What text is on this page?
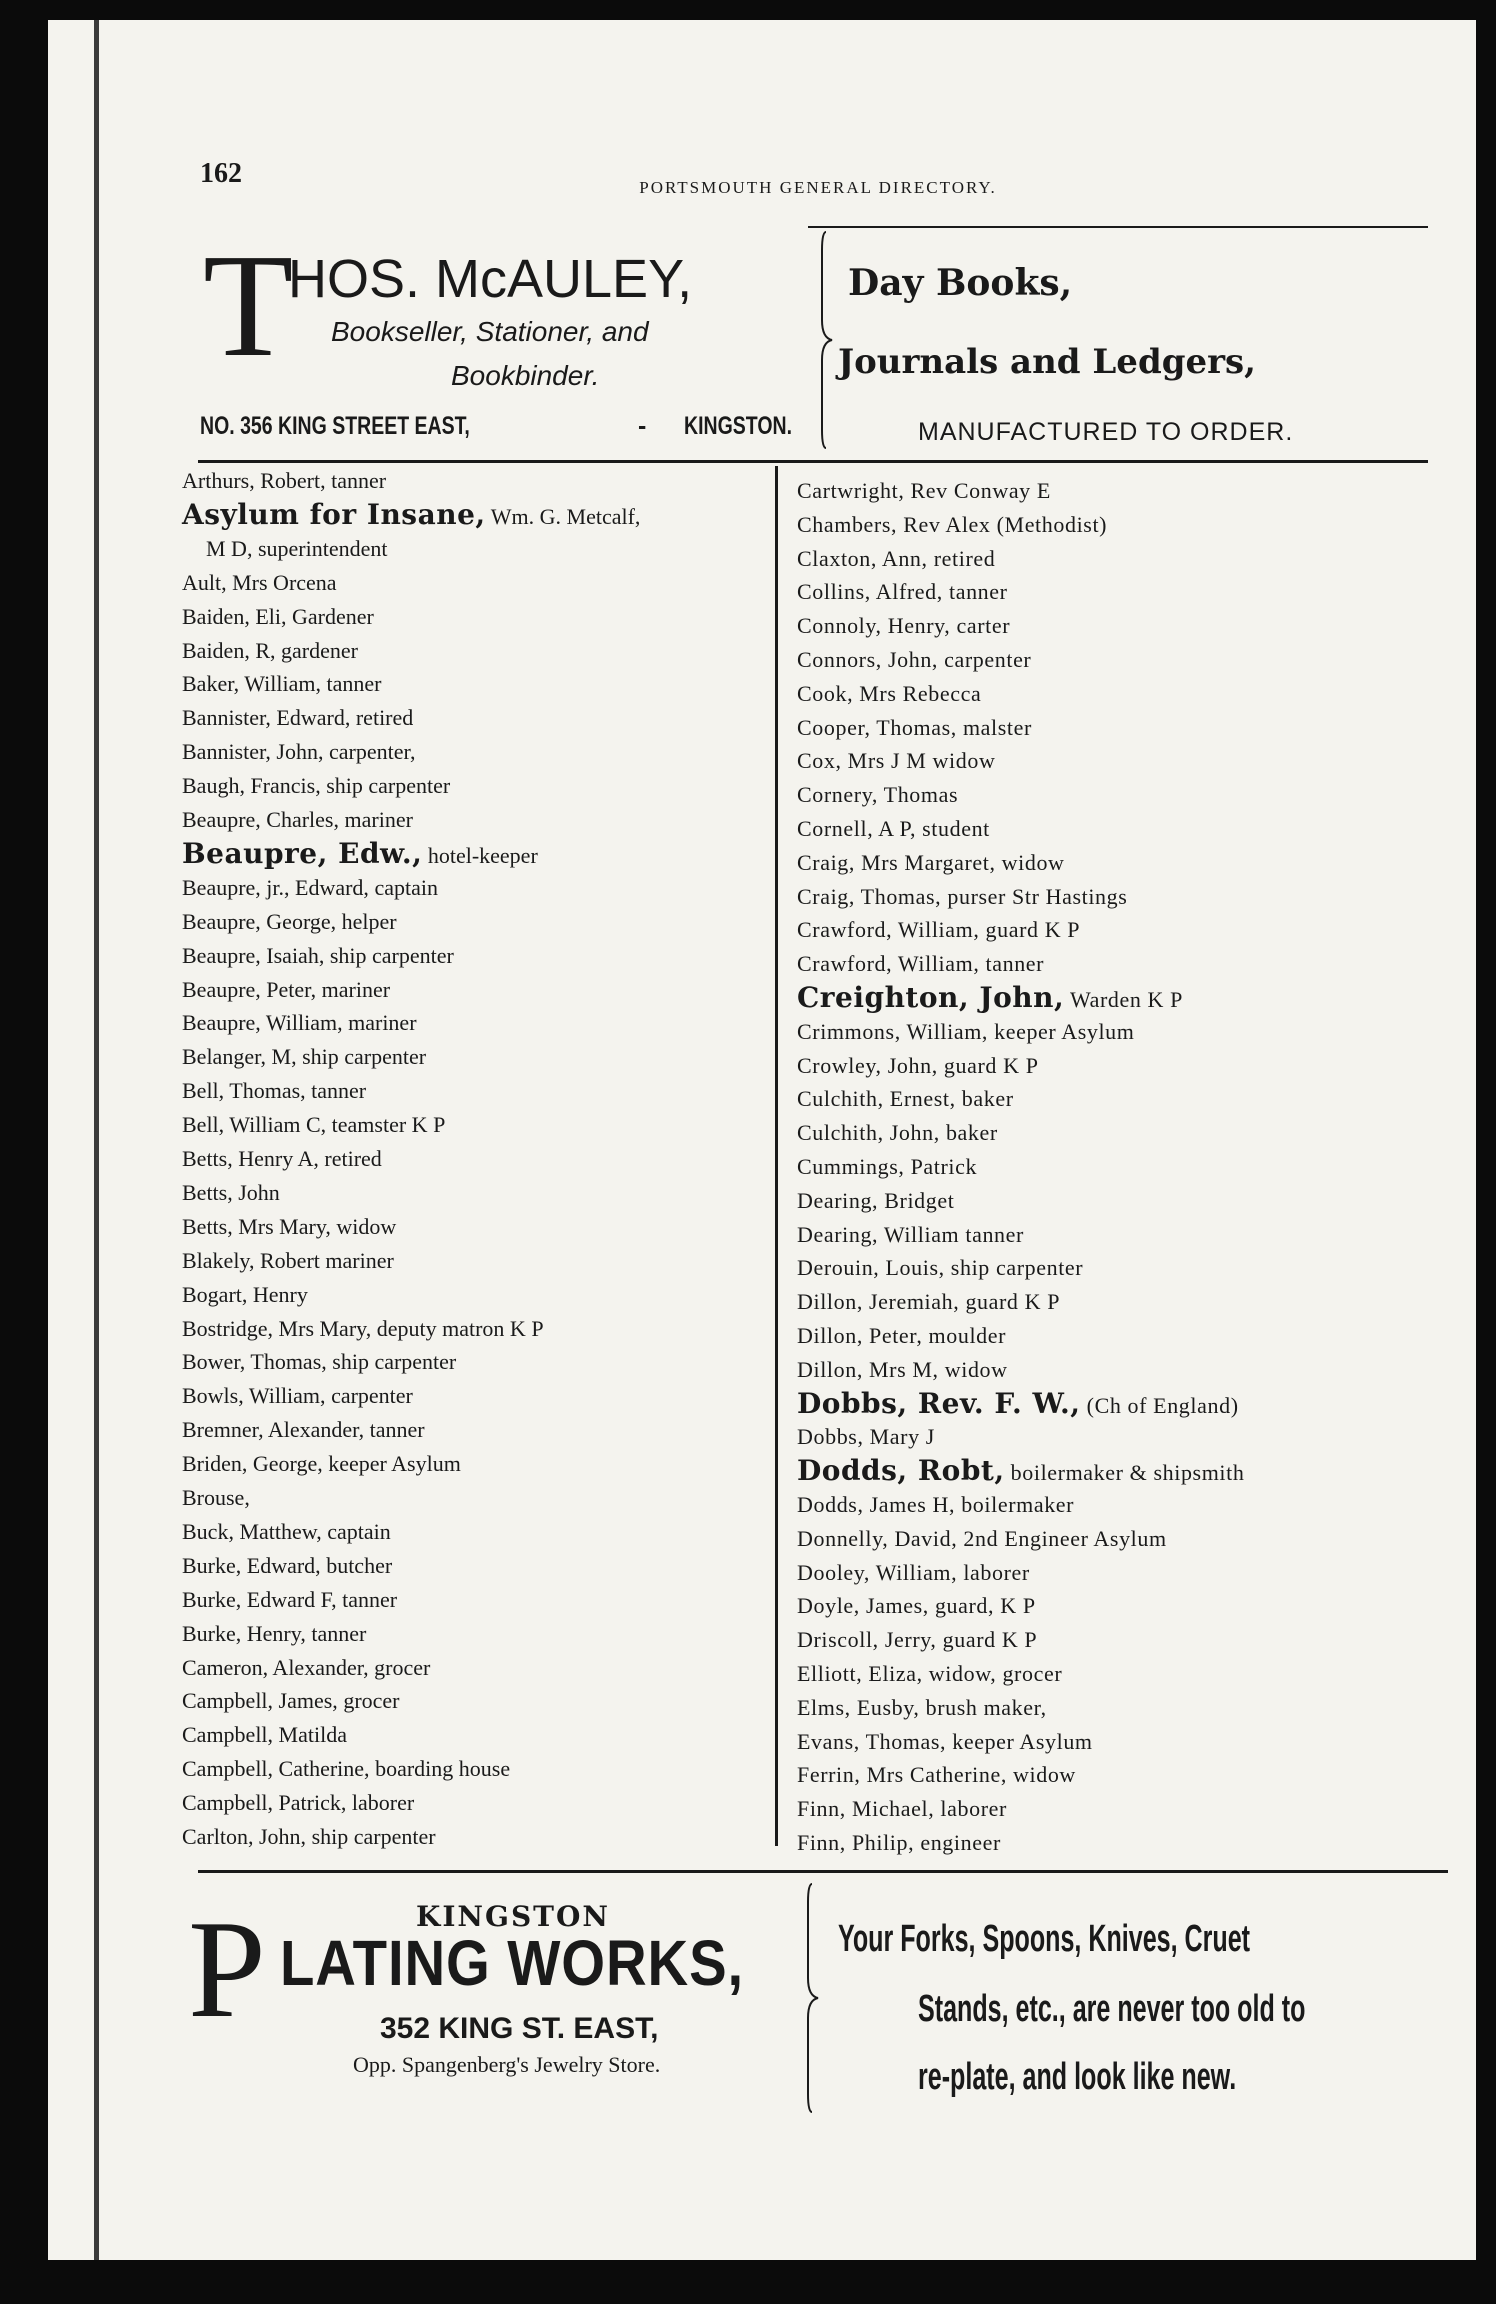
162	PORTSMOUTH GENERAL DIRECTORY.
T
HOS. McAULEY,
Bookseller, Stationer, and
Bookbinder.
NO. 356 KING STREET EAST,	- KINGSTON.
Day Books,
Journals and Ledgers,
MANUFACTURED TO ORDER.
Arthurs, Robert, tanner
Asylum for Insane, Wm. G. Metcalf,
M D, superintendent
Ault, Mrs Orcena
Baiden, Eli, Gardener
Baiden, R, gardener
Baker, William, tanner
Bannister, Edward, retired
Bannister, John, carpenter,
Baugh, Francis, ship carpenter
Beaupre, Charles, mariner
Beaupre, Edw., hotel-keeper
Beaupre, jr., Edward, captain
Beaupre, George, helper
Beaupre, Isaiah, ship carpenter
Beaupre, Peter, mariner
Beaupre, William, mariner
Belanger, M, ship carpenter
Bell, Thomas, tanner
Bell, William C, teamster K P
Betts, Henry A, retired
Betts, John
Betts, Mrs Mary, widow
Blakely, Robert mariner
Bogart, Henry
Bostridge, Mrs Mary, deputy matron K P
Bower, Thomas, ship carpenter
Bowls, William, carpenter
Bremner, Alexander, tanner
Briden, George, keeper Asylum
Brouse,
Buck, Matthew, captain
Burke, Edward, butcher
Burke, Edward F, tanner
Burke, Henry, tanner
Cameron, Alexander, grocer
Campbell, James, grocer
Campbell, Matilda
Campbell, Catherine, boarding house
Campbell, Patrick, laborer
Carlton, John, ship carpenter
Cartwright, Rev Conway E
Chambers, Rev Alex (Methodist)
Claxton, Ann, retired
Collins, Alfred, tanner
Connoly, Henry, carter
Connors, John, carpenter
Cook, Mrs Rebecca
Cooper, Thomas, malster
Cox, Mrs J M widow
Cornery, Thomas
Cornell, A P, student
Craig, Mrs Margaret, widow
Craig, Thomas, purser Str Hastings
Crawford, William, guard K P
Crawford, William, tanner
Creighton, John, Warden K P
Crimmons, William, keeper Asylum
Crowley, John, guard K P
Culchith, Ernest, baker
Culchith, John, baker
Cummings, Patrick
Dearing, Bridget
Dearing, William tanner
Derouin, Louis, ship carpenter
Dillon, Jeremiah, guard K P
Dillon, Peter, moulder
Dillon, Mrs M, widow
Dobbs, Rev. F. W., (Ch of England)
Dobbs, Mary J
Dodds, Robt, boilermaker & shipsmith
Dodds, James H, boilermaker
Donnelly, David, 2nd Engineer Asylum
Dooley, William, laborer
Doyle, James, guard, K P
Driscoll, Jerry, guard K P
Elliott, Eliza, widow, grocer
Elms, Eusby, brush maker,
Evans, Thomas, keeper Asylum
Ferrin, Mrs Catherine, widow
Finn, Michael, laborer
Finn, Philip, engineer
KINGSTON
P LATING WORKS,
352 KING ST. EAST,
Opp. Spangenberg's Jewelry Store.
Your Forks, Spoons, Knives, Cruet
Stands, etc., are never too old to
re-plate, and look like new.
